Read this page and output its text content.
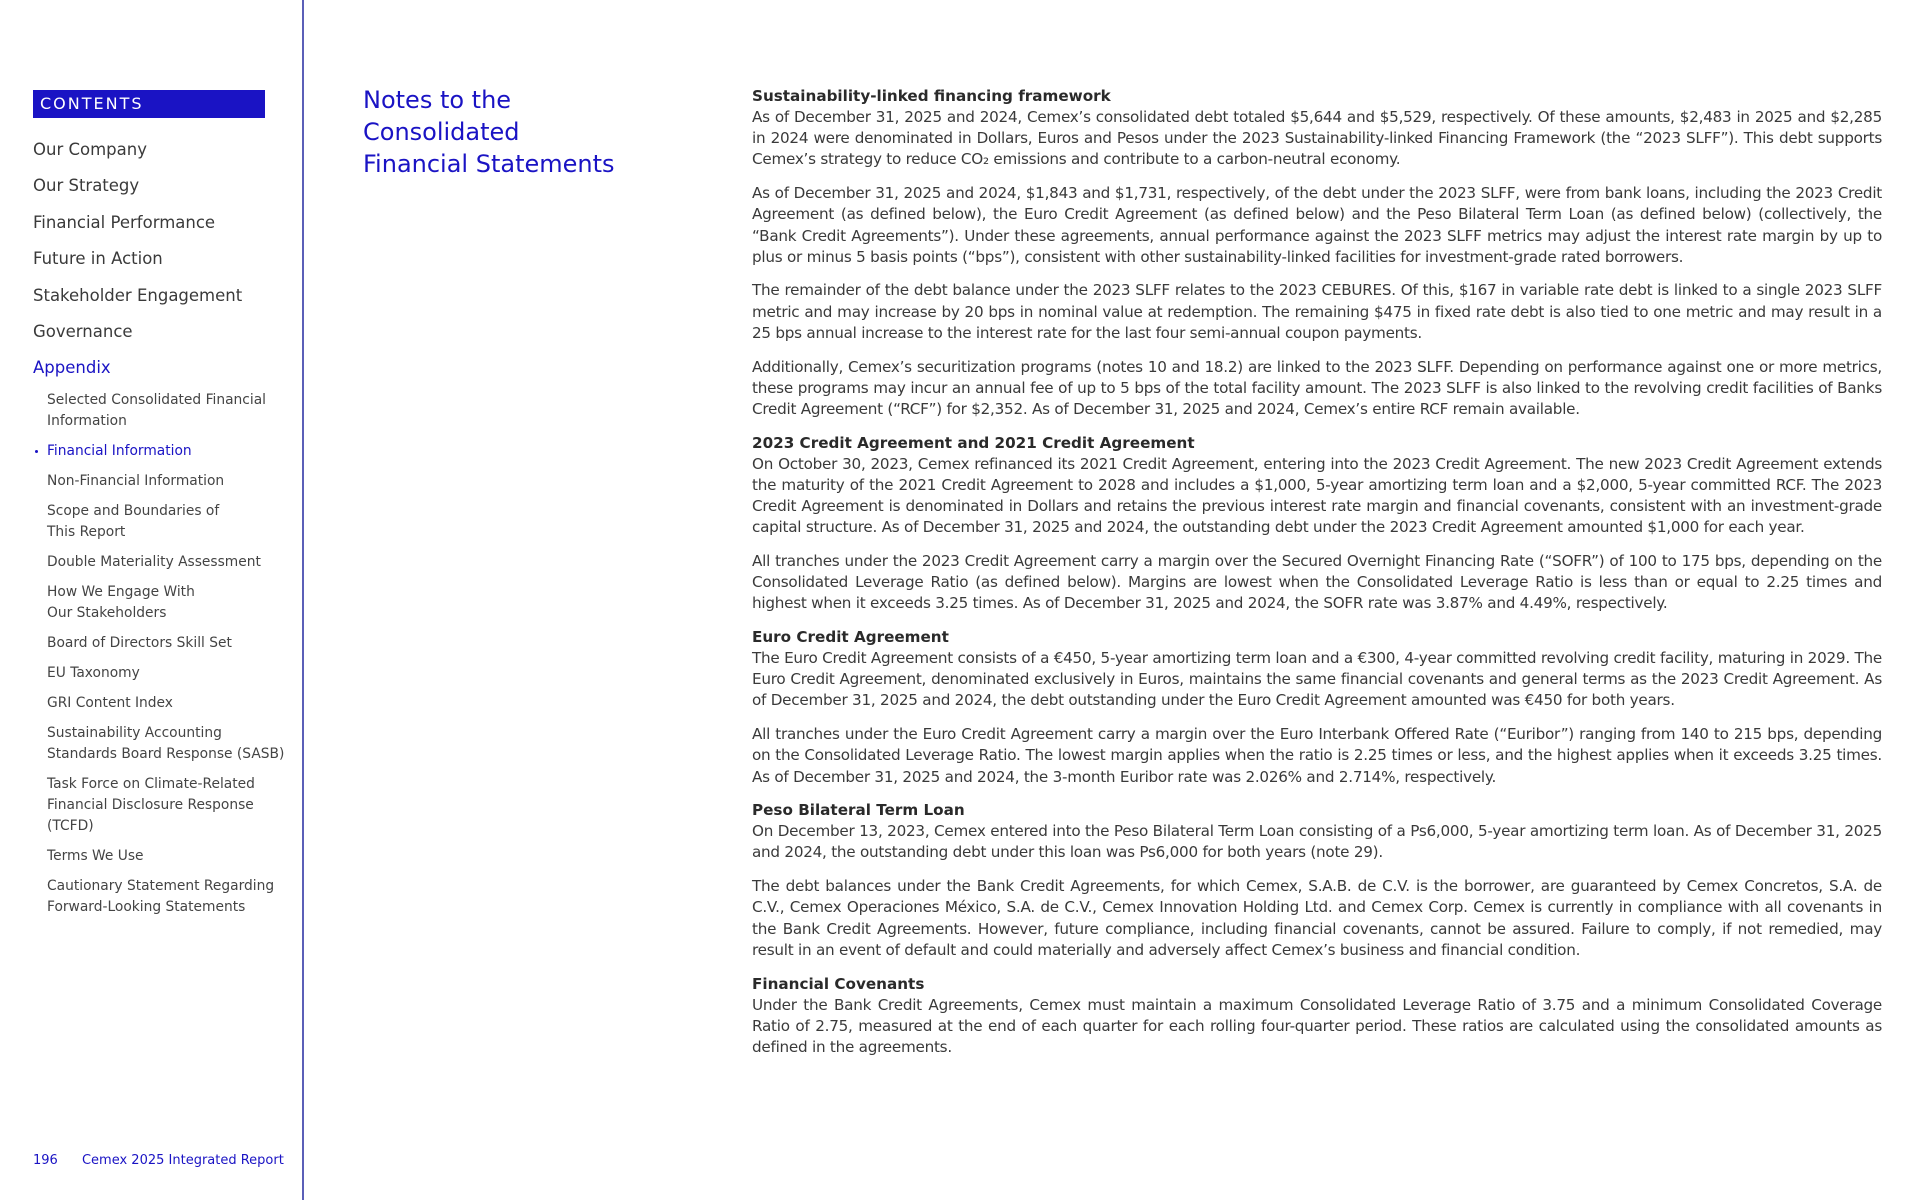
CONTENTS
Our Company
Our Strategy
Financial Performance
Future in Action
Stakeholder Engagement
Governance
Appendix
Selected Consolidated Financial
Information
Financial Information
Non-Financial Information
Scope and Boundaries of
This Report
Double Materiality Assessment
How We Engage With
Our Stakeholders
Board of Directors Skill Set
EU Taxonomy
GRI Content Index
Sustainability Accounting
Standards Board Response (SASB)
Task Force on Climate-Related
Financial Disclosure Response
(TCFD)
Terms We Use
Cautionary Statement Regarding
Forward-Looking Statements
196 Cemex 2025 Integrated Report
Notes to the Consolidated
Financial Statements
Sustainability-linked financing framework

As of December 31, 2025 and 2024, Cemex’s consolidated debt totaled $5,644 and $5,529, respectively. Of these amounts, $2,483 in 2025 and $2,285 in 2024 were denominated in Dollars, Euros and Pesos under the 2023 Sustainability-linked Financing Framework (the “2023 SLFF”). This debt supports Cemex’s strategy to reduce CO₂ emissions and contribute to a carbon-neutral economy.

As of December 31, 2025 and 2024, $1,843 and $1,731, respectively, of the debt under the 2023 SLFF, were from bank loans, including the 2023 Credit Agreement (as defined below), the Euro Credit Agreement (as defined below) and the Peso Bilateral Term Loan (as defined below) (collectively, the “Bank Credit Agreements”). Under these agreements, annual performance against the 2023 SLFF metrics may adjust the interest rate margin by up to plus or minus 5 basis points (“bps”), consistent with other sustainability-linked facilities for investment-grade rated borrowers.

The remainder of the debt balance under the 2023 SLFF relates to the 2023 CEBURES. Of this, $167 in variable rate debt is linked to a single 2023 SLFF metric and may increase by 20 bps in nominal value at redemption. The remaining $475 in fixed rate debt is also tied to one metric and may result in a 25 bps annual increase to the interest rate for the last four semi-annual coupon payments.

Additionally, Cemex’s securitization programs (notes 10 and 18.2) are linked to the 2023 SLFF. Depending on performance against one or more metrics, these programs may incur an annual fee of up to 5 bps of the total facility amount. The 2023 SLFF is also linked to the revolving credit facilities of Banks Credit Agreement (“RCF”) for $2,352. As of December 31, 2025 and 2024, Cemex’s entire RCF remain available.

2023 Credit Agreement and 2021 Credit Agreement

On October 30, 2023, Cemex refinanced its 2021 Credit Agreement, entering into the 2023 Credit Agreement. The new 2023 Credit Agreement extends the maturity of the 2021 Credit Agreement to 2028 and includes a $1,000, 5-year amortizing term loan and a $2,000, 5-year committed RCF. The 2023 Credit Agreement is denominated in Dollars and retains the previous interest rate margin and financial covenants, consistent with an investment-grade capital structure. As of December 31, 2025 and 2024, the outstanding debt under the 2023 Credit Agreement amounted $1,000 for each year.

All tranches under the 2023 Credit Agreement carry a margin over the Secured Overnight Financing Rate (“SOFR”) of 100 to 175 bps, depending on the Consolidated Leverage Ratio (as defined below). Margins are lowest when the Consolidated Leverage Ratio is less than or equal to 2.25 times and highest when it exceeds 3.25 times. As of December 31, 2025 and 2024, the SOFR rate was 3.87% and 4.49%, respectively.

Euro Credit Agreement

The Euro Credit Agreement consists of a €450, 5-year amortizing term loan and a €300, 4-year committed revolving credit facility, maturing in 2029. The Euro Credit Agreement, denominated exclusively in Euros, maintains the same financial covenants and general terms as the 2023 Credit Agreement. As of December 31, 2025 and 2024, the debt outstanding under the Euro Credit Agreement amounted was €450 for both years.

All tranches under the Euro Credit Agreement carry a margin over the Euro Interbank Offered Rate (“Euribor”) ranging from 140 to 215 bps, depending on the Consolidated Leverage Ratio. The lowest margin applies when the ratio is 2.25 times or less, and the highest applies when it exceeds 3.25 times. As of December 31, 2025 and 2024, the 3-month Euribor rate was 2.026% and 2.714%, respectively.

Peso Bilateral Term Loan

On December 13, 2023, Cemex entered into the Peso Bilateral Term Loan consisting of a Ps6,000, 5-year amortizing term loan. As of December 31, 2025 and 2024, the outstanding debt under this loan was Ps6,000 for both years (note 29).

The debt balances under the Bank Credit Agreements, for which Cemex, S.A.B. de C.V. is the borrower, are guaranteed by Cemex Concretos, S.A. de C.V., Cemex Operaciones México, S.A. de C.V., Cemex Innovation Holding Ltd. and Cemex Corp. Cemex is currently in compliance with all covenants in the Bank Credit Agreements. However, future compliance, including financial covenants, cannot be assured. Failure to comply, if not remedied, may result in an event of default and could materially and adversely affect Cemex’s business and financial condition.

Financial Covenants

Under the Bank Credit Agreements, Cemex must maintain a maximum Consolidated Leverage Ratio of 3.75 and a minimum Consolidated Coverage Ratio of 2.75, measured at the end of each quarter for each rolling four-quarter period. These ratios are calculated using the consolidated amounts as defined in the agreements.
